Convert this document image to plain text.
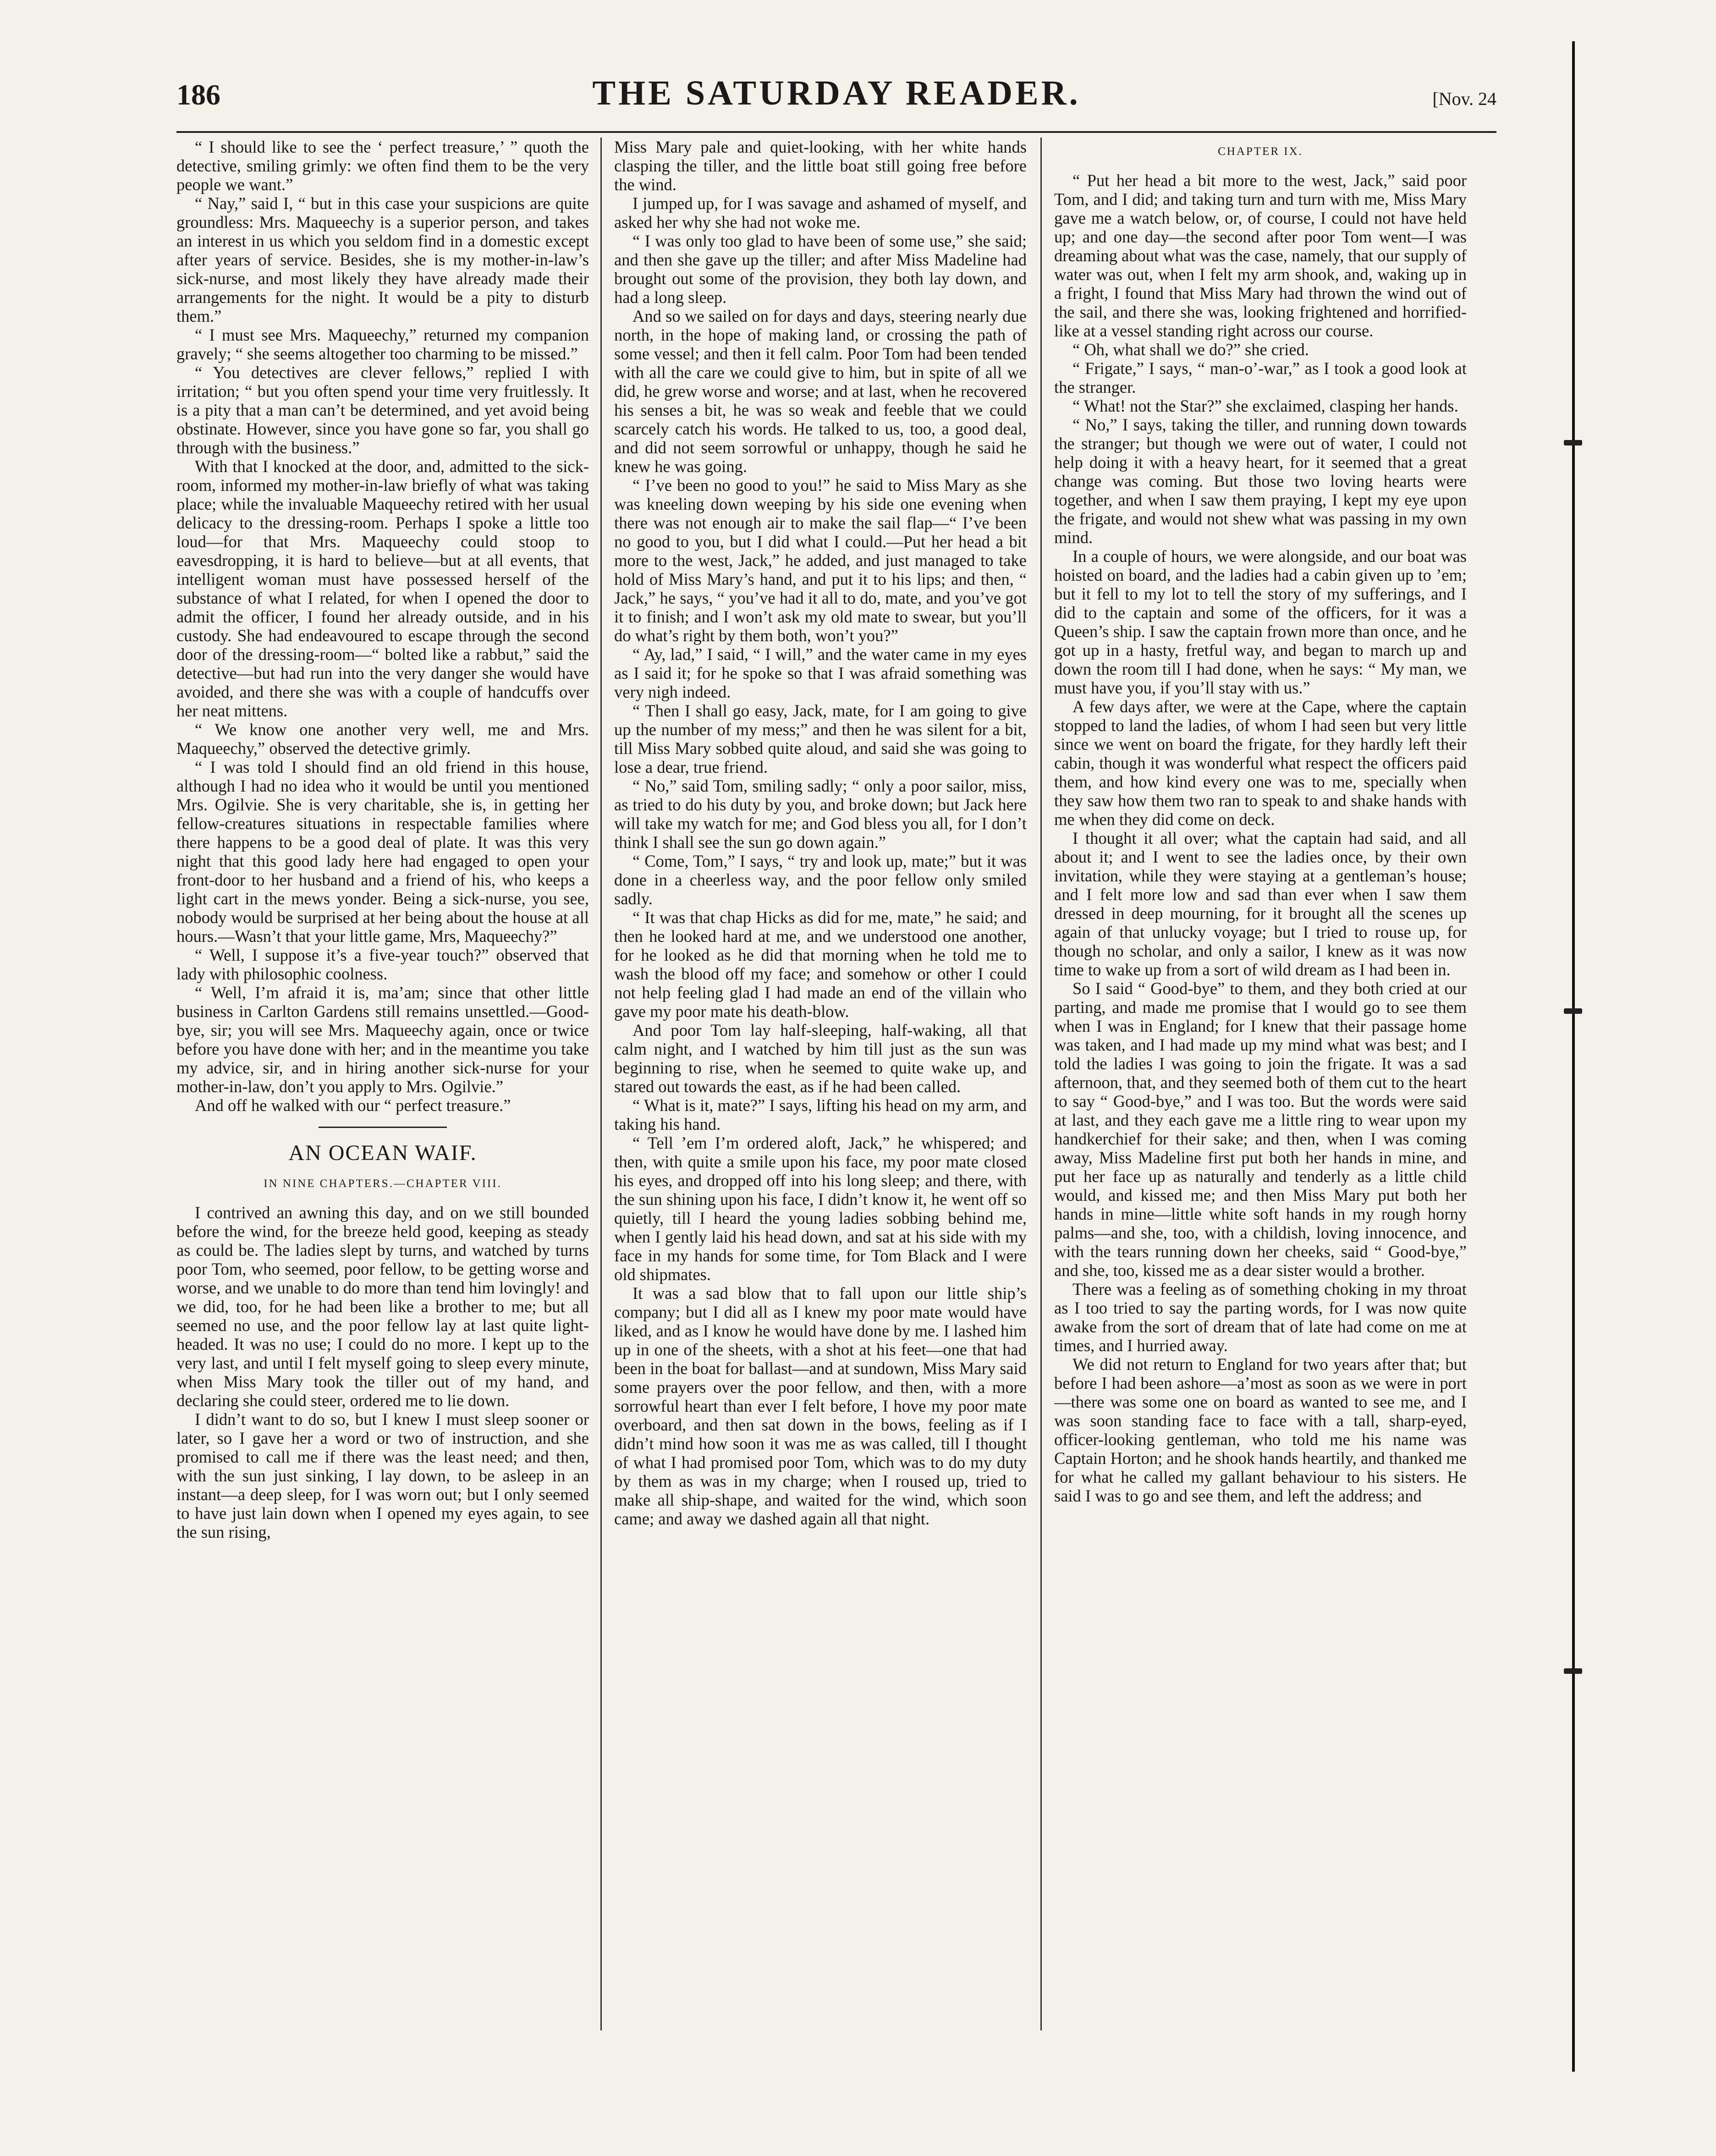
186	THE SATURDAY READER.	[Nov. 24

“ I should like to see the ‘ perfect treasure,’ ” quoth the detective, smiling grimly: we often find them to be the very people we want.”

“ Nay,” said I, “ but in this case your suspicions are quite groundless: Mrs. Maqueechy is a superior person, and takes an interest in us which you seldom find in a domestic except after years of service. Besides, she is my mother-in-law’s sick-nurse, and most likely they have already made their arrangements for the night. It would be a pity to disturb them.”

“ I must see Mrs. Maqueechy,” returned my companion gravely; “ she seems altogether too charming to be missed.”

“ You detectives are clever fellows,” replied I with irritation; “ but you often spend your time very fruitlessly. It is a pity that a man can’t be determined, and yet avoid being obstinate. However, since you have gone so far, you shall go through with the business.”

With that I knocked at the door, and, admitted to the sick-room, informed my mother-in-law briefly of what was taking place; while the invaluable Maqueechy retired with her usual delicacy to the dressing-room. Perhaps I spoke a little too loud—for that Mrs. Maqueechy could stoop to eavesdropping, it is hard to believe—but at all events, that intelligent woman must have possessed herself of the substance of what I related, for when I opened the door to admit the officer, I found her already outside, and in his custody. She had endeavoured to escape through the second door of the dressing-room—“ bolted like a rabbut,” said the detective—but had run into the very danger she would have avoided, and there she was with a couple of handcuffs over her neat mittens.

“ We know one another very well, me and Mrs. Maqueechy,” observed the detective grimly.

“ I was told I should find an old friend in this house, although I had no idea who it would be until you mentioned Mrs. Ogilvie. She is very charitable, she is, in getting her fellow-creatures situations in respectable families where there happens to be a good deal of plate. It was this very night that this good lady here had engaged to open your front-door to her husband and a friend of his, who keeps a light cart in the mews yonder. Being a sick-nurse, you see, nobody would be surprised at her being about the house at all hours.—Wasn’t that your little game, Mrs, Maqueechy?”

“ Well, I suppose it’s a five-year touch?” observed that lady with philosophic coolness.

“ Well, I’m afraid it is, ma’am; since that other little business in Carlton Gardens still remains unsettled.—Good-bye, sir; you will see Mrs. Maqueechy again, once or twice before you have done with her; and in the meantime you take my advice, sir, and in hiring another sick-nurse for your mother-in-law, don’t you apply to Mrs. Ogilvie.”

And off he walked with our “ perfect treasure.”

AN OCEAN WAIF.
IN NINE CHAPTERS.—CHAPTER VIII.

I contrived an awning this day, and on we still bounded before the wind, for the breeze held good, keeping as steady as could be. The ladies slept by turns, and watched by turns poor Tom, who seemed, poor fellow, to be getting worse and worse, and we unable to do more than tend him lovingly! and we did, too, for he had been like a brother to me; but all seemed no use, and the poor fellow lay at last quite light-headed. It was no use; I could do no more. I kept up to the very last, and until I felt myself going to sleep every minute, when Miss Mary took the tiller out of my hand, and declaring she could steer, ordered me to lie down.

I didn’t want to do so, but I knew I must sleep sooner or later, so I gave her a word or two of instruction, and she promised to call me if there was the least need; and then, with the sun just sinking, I lay down, to be asleep in an instant—a deep sleep, for I was worn out; but I only seemed to have just lain down when I opened my eyes again, to see the sun rising,

Miss Mary pale and quiet-looking, with her white hands clasping the tiller, and the little boat still going free before the wind.

I jumped up, for I was savage and ashamed of myself, and asked her why she had not woke me.

“ I was only too glad to have been of some use,” she said; and then she gave up the tiller; and after Miss Madeline had brought out some of the provision, they both lay down, and had a long sleep.

And so we sailed on for days and days, steering nearly due north, in the hope of making land, or crossing the path of some vessel; and then it fell calm. Poor Tom had been tended with all the care we could give to him, but in spite of all we did, he grew worse and worse; and at last, when he recovered his senses a bit, he was so weak and feeble that we could scarcely catch his words. He talked to us, too, a good deal, and did not seem sorrowful or unhappy, though he said he knew he was going.

“ I’ve been no good to you!” he said to Miss Mary as she was kneeling down weeping by his side one evening when there was not enough air to make the sail flap—“ I’ve been no good to you, but I did what I could.—Put her head a bit more to the west, Jack,” he added, and just managed to take hold of Miss Mary’s hand, and put it to his lips; and then, “ Jack,” he says, “ you’ve had it all to do, mate, and you’ve got it to finish; and I won’t ask my old mate to swear, but you’ll do what’s right by them both, won’t you?”

“ Ay, lad,” I said, “ I will,” and the water came in my eyes as I said it; for he spoke so that I was afraid something was very nigh indeed.

“ Then I shall go easy, Jack, mate, for I am going to give up the number of my mess;” and then he was silent for a bit, till Miss Mary sobbed quite aloud, and said she was going to lose a dear, true friend.

“ No,” said Tom, smiling sadly; “ only a poor sailor, miss, as tried to do his duty by you, and broke down; but Jack here will take my watch for me; and God bless you all, for I don’t think I shall see the sun go down again.”

“ Come, Tom,” I says, “ try and look up, mate;” but it was done in a cheerless way, and the poor fellow only smiled sadly.

“ It was that chap Hicks as did for me, mate,” he said; and then he looked hard at me, and we understood one another, for he looked as he did that morning when he told me to wash the blood off my face; and somehow or other I could not help feeling glad I had made an end of the villain who gave my poor mate his death-blow.

And poor Tom lay half-sleeping, half-waking, all that calm night, and I watched by him till just as the sun was beginning to rise, when he seemed to quite wake up, and stared out towards the east, as if he had been called.

“ What is it, mate?” I says, lifting his head on my arm, and taking his hand.

“ Tell ’em I’m ordered aloft, Jack,” he whispered; and then, with quite a smile upon his face, my poor mate closed his eyes, and dropped off into his long sleep; and there, with the sun shining upon his face, I didn’t know it, he went off so quietly, till I heard the young ladies sobbing behind me, when I gently laid his head down, and sat at his side with my face in my hands for some time, for Tom Black and I were old shipmates.

It was a sad blow that to fall upon our little ship’s company; but I did all as I knew my poor mate would have liked, and as I know he would have done by me. I lashed him up in one of the sheets, with a shot at his feet—one that had been in the boat for ballast—and at sundown, Miss Mary said some prayers over the poor fellow, and then, with a more sorrowful heart than ever I felt before, I hove my poor mate overboard, and then sat down in the bows, feeling as if I didn’t mind how soon it was me as was called, till I thought of what I had promised poor Tom, which was to do my duty by them as was in my charge; when I roused up, tried to make all ship-shape, and waited for the wind, which soon came; and away we dashed again all that night.

CHAPTER IX.

“ Put her head a bit more to the west, Jack,” said poor Tom, and I did; and taking turn and turn with me, Miss Mary gave me a watch below, or, of course, I could not have held up; and one day—the second after poor Tom went—I was dreaming about what was the case, namely, that our supply of water was out, when I felt my arm shook, and, waking up in a fright, I found that Miss Mary had thrown the wind out of the sail, and there she was, looking frightened and horrified-like at a vessel standing right across our course.

“ Oh, what shall we do?” she cried.

“ Frigate,” I says, “ man-o’-war,” as I took a good look at the stranger.

“ What! not the Star?” she exclaimed, clasping her hands.

“ No,” I says, taking the tiller, and running down towards the stranger; but though we were out of water, I could not help doing it with a heavy heart, for it seemed that a great change was coming. But those two loving hearts were together, and when I saw them praying, I kept my eye upon the frigate, and would not shew what was passing in my own mind.

In a couple of hours, we were alongside, and our boat was hoisted on board, and the ladies had a cabin given up to ’em; but it fell to my lot to tell the story of my sufferings, and I did to the captain and some of the officers, for it was a Queen’s ship. I saw the captain frown more than once, and he got up in a hasty, fretful way, and began to march up and down the room till I had done, when he says: “ My man, we must have you, if you’ll stay with us.”

A few days after, we were at the Cape, where the captain stopped to land the ladies, of whom I had seen but very little since we went on board the frigate, for they hardly left their cabin, though it was wonderful what respect the officers paid them, and how kind every one was to me, specially when they saw how them two ran to speak to and shake hands with me when they did come on deck.

I thought it all over; what the captain had said, and all about it; and I went to see the ladies once, by their own invitation, while they were staying at a gentleman’s house; and I felt more low and sad than ever when I saw them dressed in deep mourning, for it brought all the scenes up again of that unlucky voyage; but I tried to rouse up, for though no scholar, and only a sailor, I knew as it was now time to wake up from a sort of wild dream as I had been in.

So I said “ Good-bye” to them, and they both cried at our parting, and made me promise that I would go to see them when I was in England; for I knew that their passage home was taken, and I had made up my mind what was best; and I told the ladies I was going to join the frigate. It was a sad afternoon, that, and they seemed both of them cut to the heart to say “ Good-bye,” and I was too. But the words were said at last, and they each gave me a little ring to wear upon my handkerchief for their sake; and then, when I was coming away, Miss Madeline first put both her hands in mine, and put her face up as naturally and tenderly as a little child would, and kissed me; and then Miss Mary put both her hands in mine—little white soft hands in my rough horny palms—and she, too, with a childish, loving innocence, and with the tears running down her cheeks, said “ Good-bye,” and she, too, kissed me as a dear sister would a brother.

There was a feeling as of something choking in my throat as I too tried to say the parting words, for I was now quite awake from the sort of dream that of late had come on me at times, and I hurried away.

We did not return to England for two years after that; but before I had been ashore—a’most as soon as we were in port—there was some one on board as wanted to see me, and I was soon standing face to face with a tall, sharp-eyed, officer-looking gentleman, who told me his name was Captain Horton; and he shook hands heartily, and thanked me for what he called my gallant behaviour to his sisters. He said I was to go and see them, and left the address; and
